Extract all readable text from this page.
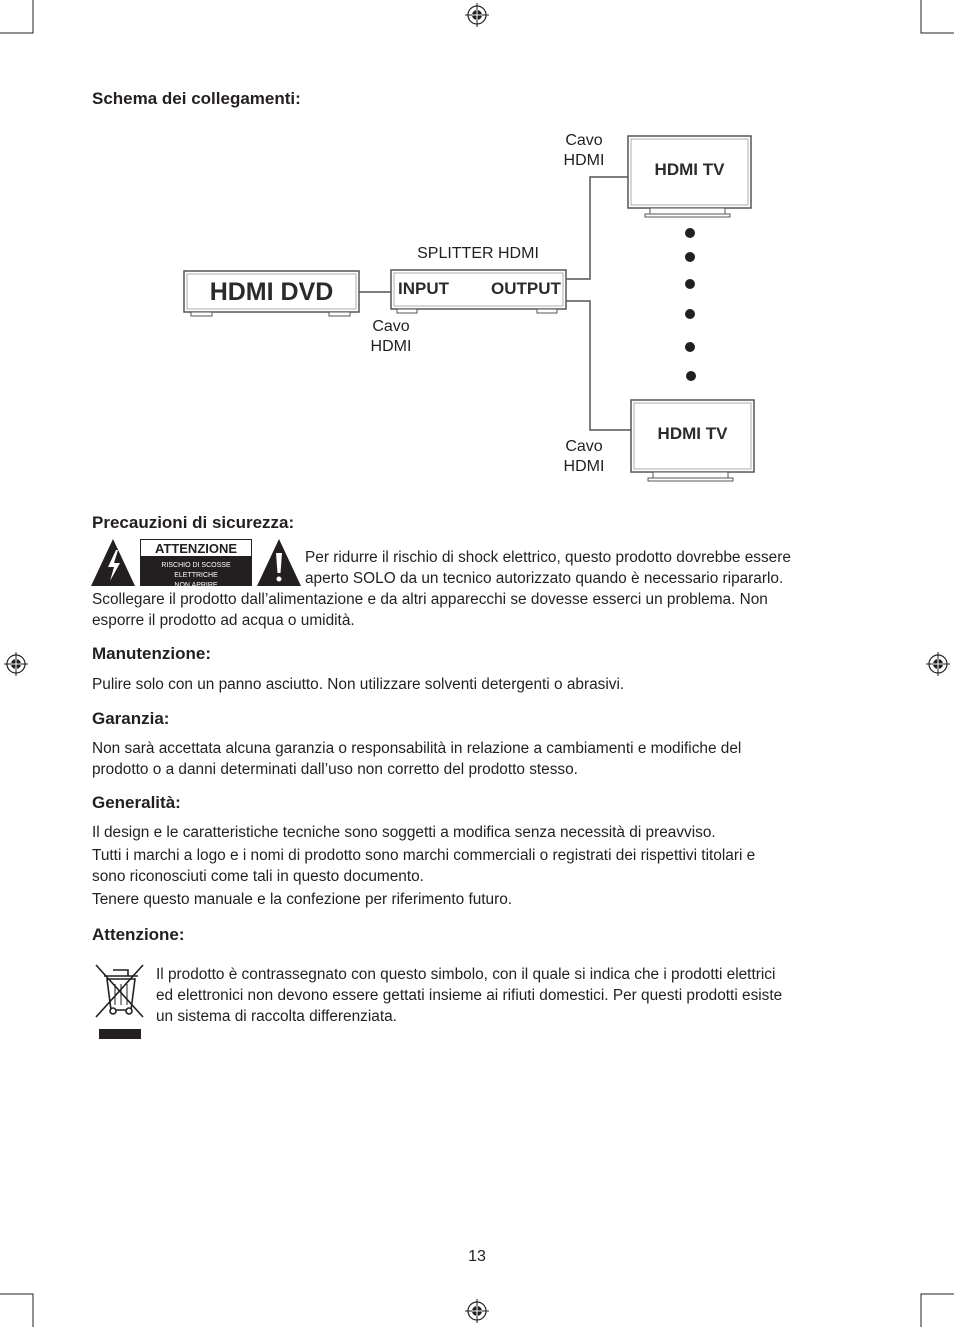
Schema dei collegamenti:
HDMI DVD
SPLITTER HDMI
INPUT OUTPUT
HDMI TV
HDMI TV
Cavo
HDMI
Cavo
HDMI
Cavo
HDMI
Precauzioni di sicurezza:
ATTENZIONE
RISCHIO DI SCOSSE ELETTRICHE
NON APRIRE
Per ridurre il rischio di shock elettrico, questo prodotto dovrebbe essere
aperto SOLO da un tecnico autorizzato quando è necessario ripararlo.
Scollegare il prodotto dall’alimentazione e da altri apparecchi se dovesse esserci un problema. Non
esporre il prodotto ad acqua o umidità.
Manutenzione:
Pulire solo con un panno asciutto. Non utilizzare solventi detergenti o abrasivi.
Garanzia:
Non sarà accettata alcuna garanzia o responsabilità in relazione a cambiamenti e modifiche del
prodotto o a danni determinati dall’uso non corretto del prodotto stesso.
Generalità:
Il design e le caratteristiche tecniche sono soggetti a modifica senza necessità di preavviso.
Tutti i marchi a logo e i nomi di prodotto sono marchi commerciali o registrati dei rispettivi titolari e
sono riconosciuti come tali in questo documento.
Tenere questo manuale e la confezione per riferimento futuro.
Attenzione:
Il prodotto è contrassegnato con questo simbolo, con il quale si indica che i prodotti elettrici
ed elettronici non devono essere gettati insieme ai rifiuti domestici. Per questi prodotti esiste
un sistema di raccolta differenziata.
13
